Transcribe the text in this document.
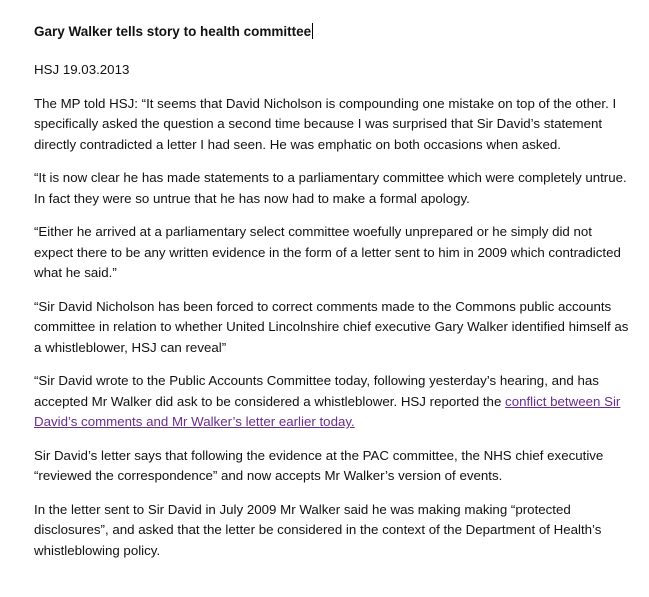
Gary Walker tells story to health committee

HSJ 19.03.2013

The MP told HSJ: “It seems that David Nicholson is compounding one mistake on top of the other. I specifically asked the question a second time because I was surprised that Sir David’s statement directly contradicted a letter I had seen. He was emphatic on both occasions when asked.

“It is now clear he has made statements to a parliamentary committee which were completely untrue. In fact they were so untrue that he has now had to make a formal apology.

“Either he arrived at a parliamentary select committee woefully unprepared or he simply did not expect there to be any written evidence in the form of a letter sent to him in 2009 which contradicted what he said.”

“Sir David Nicholson has been forced to correct comments made to the Commons public accounts committee in relation to whether United Lincolnshire chief executive Gary Walker identified himself as a whistleblower, HSJ can reveal”

“Sir David wrote to the Public Accounts Committee today, following yesterday’s hearing, and has accepted Mr Walker did ask to be considered a whistleblower. HSJ reported the conflict between Sir David’s comments and Mr Walker’s letter earlier today.

Sir David’s letter says that following the evidence at the PAC committee, the NHS chief executive “reviewed the correspondence” and now accepts Mr Walker’s version of events.

In the letter sent to Sir David in July 2009 Mr Walker said he was making making “protected disclosures”, and asked that the letter be considered in the context of the Department of Health’s whistleblowing policy.
